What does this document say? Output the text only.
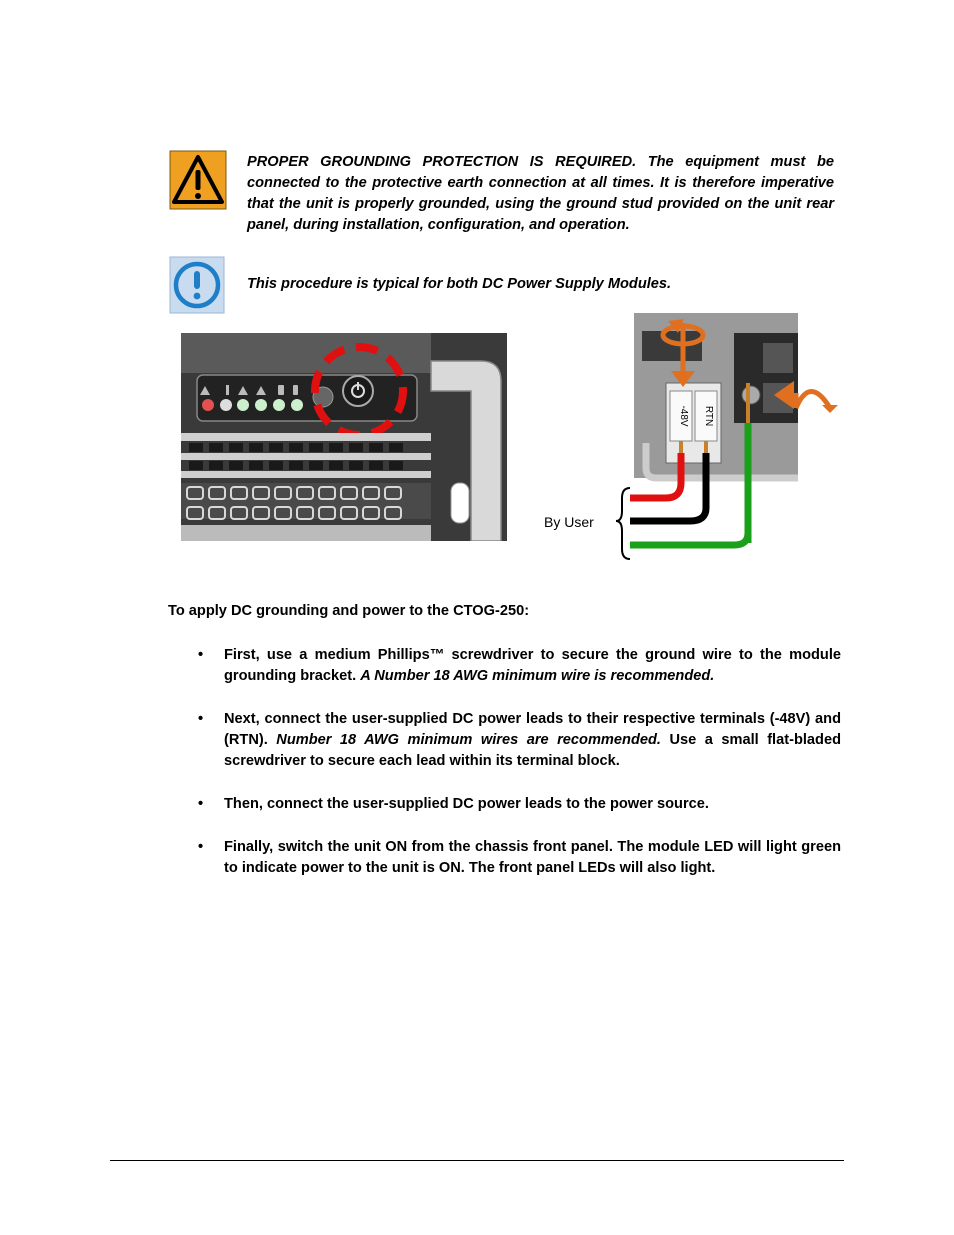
PROPER GROUNDING PROTECTION IS REQUIRED. The equipment must be connected to the protective earth connection at all times. It is therefore imperative that the unit is properly grounded, using the ground stud provided on the unit rear panel, during installation, configuration, and operation.
This procedure is typical for both DC Power Supply Modules.
-48V RTN
By User
To apply DC grounding and power to the CTOG-250:
• First, use a medium Phillips™ screwdriver to secure the ground wire to the module grounding bracket. A Number 18 AWG minimum wire is recommended.
• Next, connect the user-supplied DC power leads to their respective terminals (-48V) and (RTN). Number 18 AWG minimum wires are recommended. Use a small flat-bladed screwdriver to secure each lead within its terminal block.
• Then, connect the user-supplied DC power leads to the power source.
• Finally, switch the unit ON from the chassis front panel. The module LED will light green to indicate power to the unit is ON. The front panel LEDs will also light.
